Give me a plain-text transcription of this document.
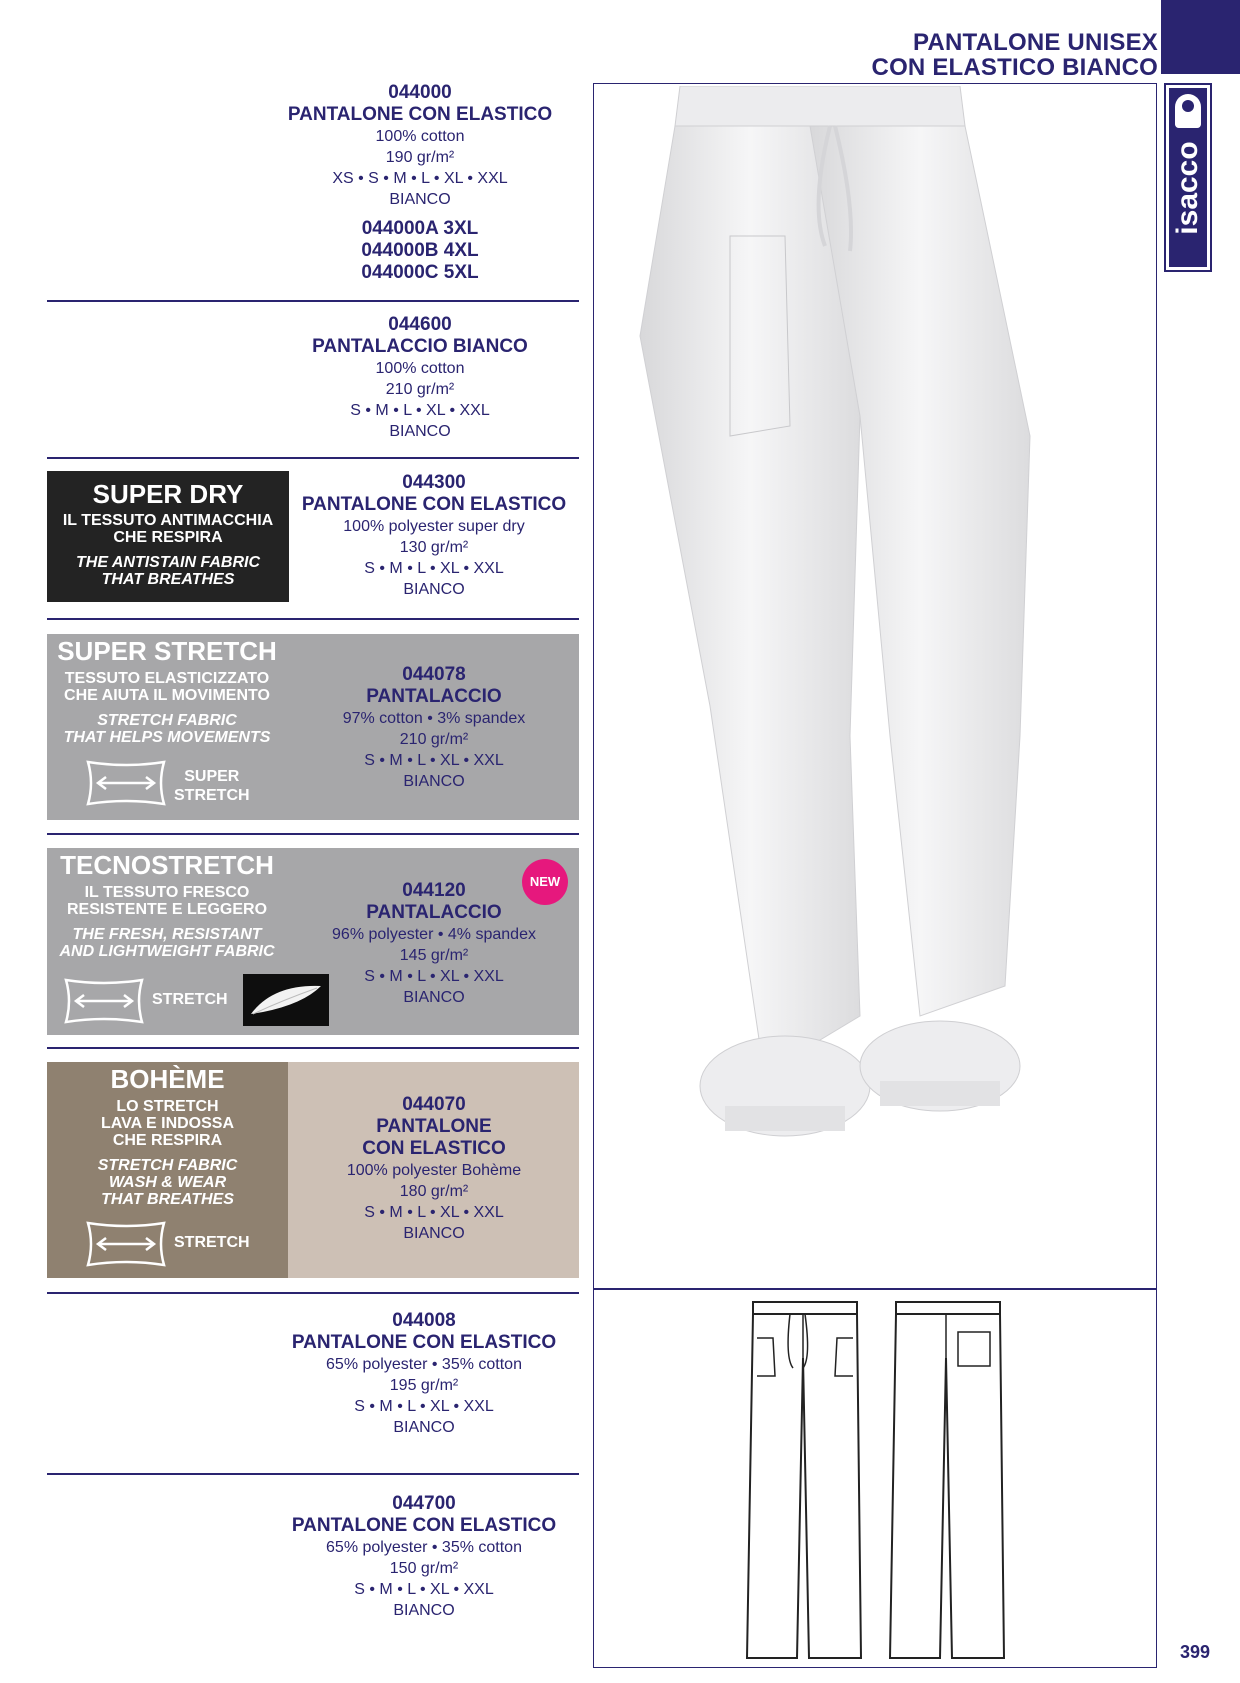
PANTALONE UNISEX
CON ELASTICO BIANCO
isacco
044000
PANTALONE CON ELASTICO
100% cotton
190 gr/m²
XS • S • M • L • XL • XXL
BIANCO
044000A 3XL
044000B 4XL
044000C 5XL
044600
PANTALACCIO BIANCO
100% cotton
210 gr/m²
S • M • L • XL • XXL
BIANCO
SUPER DRY
IL TESSUTO ANTIMACCHIA
CHE RESPIRA
THE ANTISTAIN FABRIC
THAT BREATHES
044300
PANTALONE CON ELASTICO
100% polyester super dry
130 gr/m²
S • M • L • XL • XXL
BIANCO
SUPER STRETCH
TESSUTO ELASTICIZZATO
CHE AIUTA IL MOVIMENTO
STRETCH FABRIC
THAT HELPS MOVEMENTS
SUPER
STRETCH
044078
PANTALACCIO
97% cotton • 3% spandex
210 gr/m²
S • M • L • XL • XXL
BIANCO
TECNOSTRETCH
IL TESSUTO FRESCO
RESISTENTE E LEGGERO
THE FRESH, RESISTANT
AND LIGHTWEIGHT FABRIC
STRETCH
NEW
044120
PANTALACCIO
96% polyester • 4% spandex
145 gr/m²
S • M • L • XL • XXL
BIANCO
BOHÈME
LO STRETCH
LAVA E INDOSSA
CHE RESPIRA
STRETCH FABRIC
WASH & WEAR
THAT BREATHES
STRETCH
044070
PANTALONE
CON ELASTICO
100% polyester Bohème
180 gr/m²
S • M • L • XL • XXL
BIANCO
044008
PANTALONE CON ELASTICO
65% polyester • 35% cotton
195 gr/m²
S • M • L • XL • XXL
BIANCO
044700
PANTALONE CON ELASTICO
65% polyester • 35% cotton
150 gr/m²
S • M • L • XL • XXL
BIANCO
399
